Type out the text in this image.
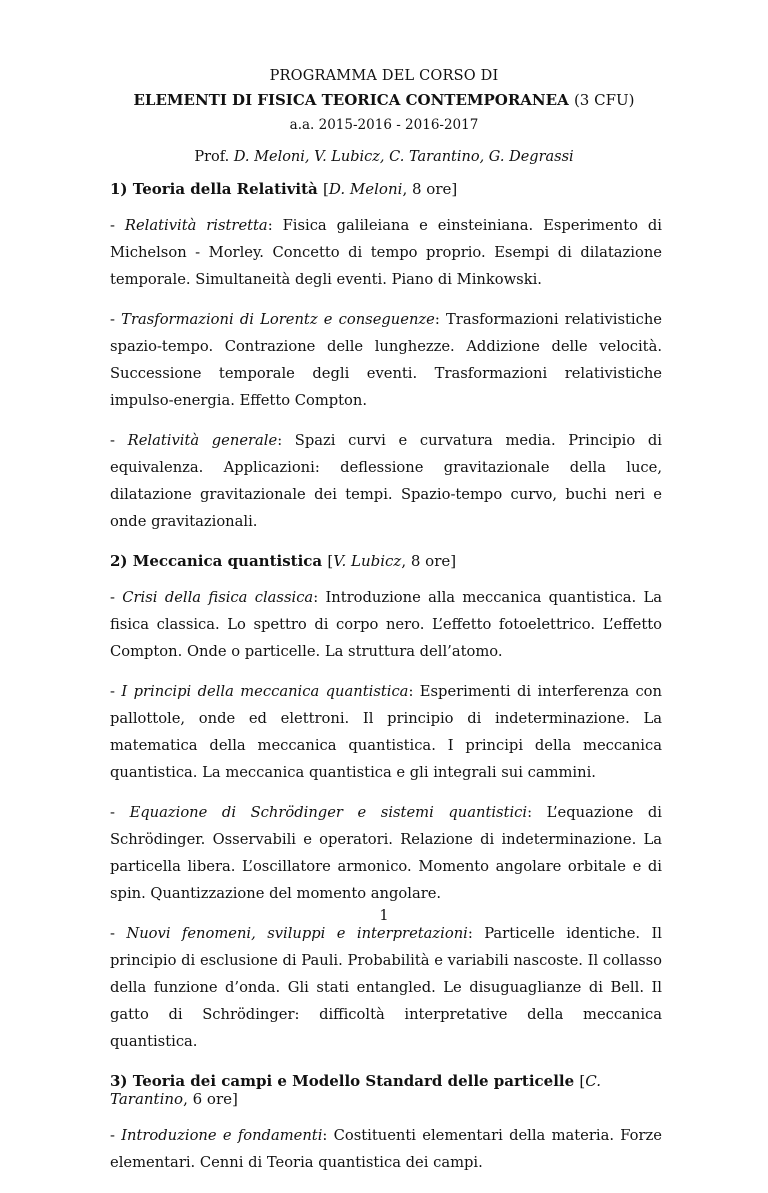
PROGRAMMA DEL CORSO DI
ELEMENTI DI FISICA TEORICA CONTEMPORANEA (3 CFU)
a.a. 2015-2016 - 2016-2017
Prof. D. Meloni, V. Lubicz, C. Tarantino, G. Degrassi
1) Teoria della Relatività [D. Meloni, 8 ore]

- Relatività ristretta: Fisica galileiana e einsteiniana. Esperimento di Michelson - Morley. Concetto di tempo proprio. Esempi di dilatazione temporale. Simultaneità degli eventi. Piano di Minkowski.

- Trasformazioni di Lorentz e conseguenze: Trasformazioni relativistiche spazio-tempo. Contrazione delle lunghezze. Addizione delle velocità. Successione temporale degli eventi. Trasformazioni relativistiche impulso-energia. Effetto Compton.

- Relatività generale: Spazi curvi e curvatura media. Principio di equivalenza. Applicazioni: deflessione gravitazionale della luce, dilatazione gravitazionale dei tempi. Spazio-tempo curvo, buchi neri e onde gravitazionali.

2) Meccanica quantistica [V. Lubicz, 8 ore]

- Crisi della fisica classica: Introduzione alla meccanica quantistica. La fisica classica. Lo spettro di corpo nero. L’effetto fotoelettrico. L’effetto Compton. Onde o particelle. La struttura dell’atomo.

- I principi della meccanica quantistica: Esperimenti di interferenza con pallottole, onde ed elettroni. Il principio di indeterminazione. La matematica della meccanica quantistica. I principi della meccanica quantistica. La meccanica quantistica e gli integrali sui cammini.

- Equazione di Schrödinger e sistemi quantistici: L’equazione di Schrödinger. Osservabili e operatori. Relazione di indeterminazione. La particella libera. L’oscillatore armonico. Momento angolare orbitale e di spin. Quantizzazione del momento angolare.

- Nuovi fenomeni, sviluppi e interpretazioni: Particelle identiche. Il principio di esclusione di Pauli. Probabilità e variabili nascoste. Il collasso della funzione d’onda. Gli stati entangled. Le disuguaglianze di Bell. Il gatto di Schrödinger: difficoltà interpretative della meccanica quantistica.

3) Teoria dei campi e Modello Standard delle particelle [C. Tarantino, 6 ore]

- Introduzione e fondamenti: Costituenti elementari della materia. Forze elementari. Cenni di Teoria quantistica dei campi.

1
